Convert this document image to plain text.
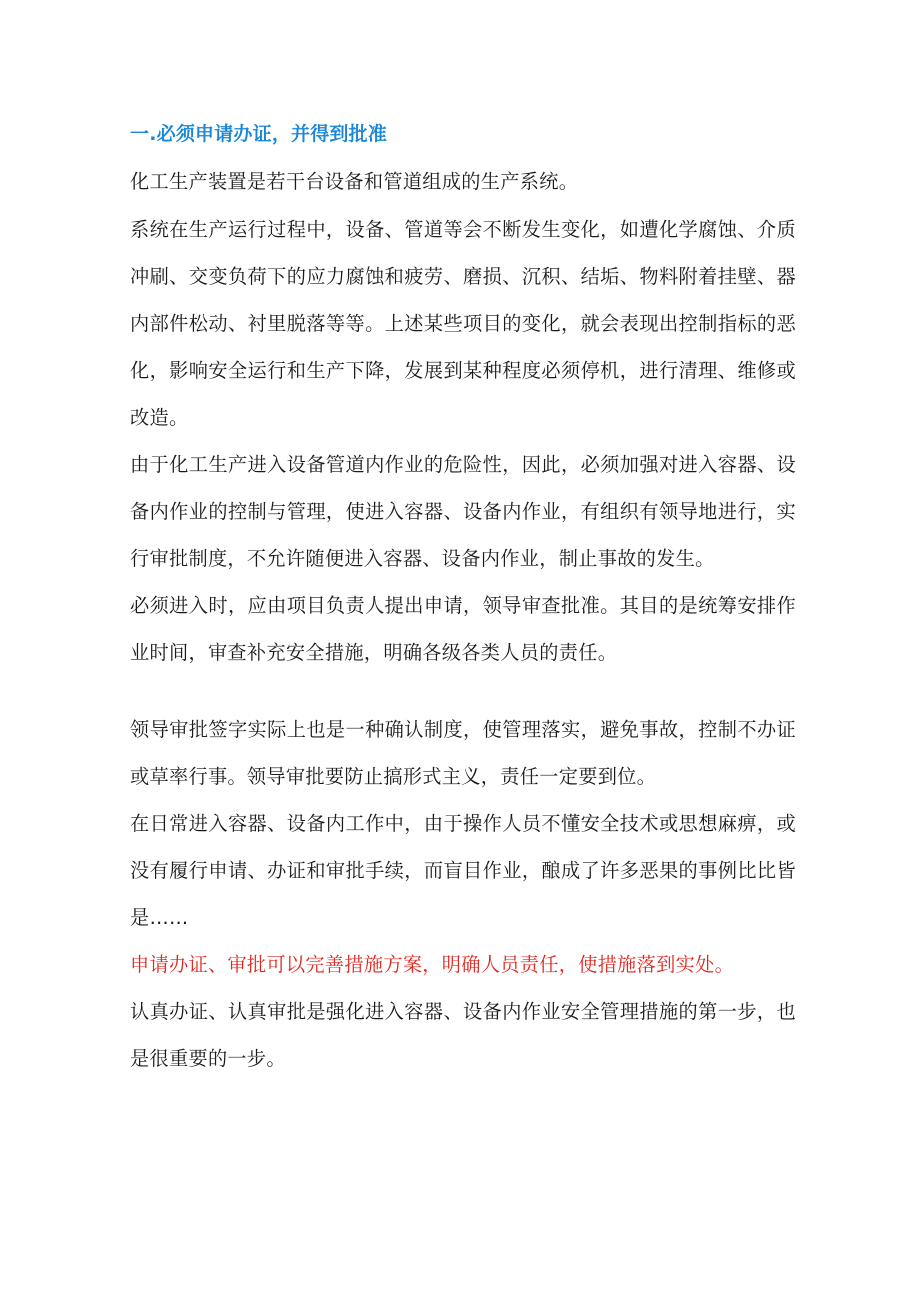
一.必须申请办证，并得到批准

化工生产装置是若干台设备和管道组成的生产系统。

系统在生产运行过程中，设备、管道等会不断发生变化，如遭化学腐蚀、介质冲刷、交变负荷下的应力腐蚀和疲劳、磨损、沉积、结垢、物料附着挂壁、器内部件松动、衬里脱落等等。上述某些项目的变化，就会表现出控制指标的恶化，影响安全运行和生产下降，发展到某种程度必须停机，进行清理、维修或改造。

由于化工生产进入设备管道内作业的危险性，因此，必须加强对进入容器、设备内作业的控制与管理，使进入容器、设备内作业，有组织有领导地进行，实行审批制度，不允许随便进入容器、设备内作业，制止事故的发生。

必须进入时，应由项目负责人提出申请，领导审查批准。其目的是统筹安排作业时间，审查补充安全措施，明确各级各类人员的责任。

领导审批签字实际上也是一种确认制度，使管理落实，避免事故，控制不办证或草率行事。领导审批要防止搞形式主义，责任一定要到位。

在日常进入容器、设备内工作中，由于操作人员不懂安全技术或思想麻痹，或没有履行申请、办证和审批手续，而盲目作业，酿成了许多恶果的事例比比皆是……

申请办证、审批可以完善措施方案，明确人员责任，使措施落到实处。

认真办证、认真审批是强化进入容器、设备内作业安全管理措施的第一步，也是很重要的一步。
